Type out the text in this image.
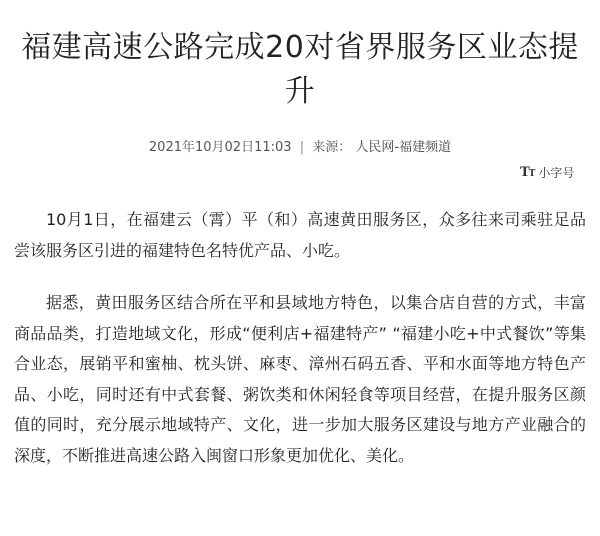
福建高速公路完成20对省界服务区业态提升
2021年10月02日11:03 | 来源： 人民网-福建频道
TT 小字号

10月1日，在福建云（霄）平（和）高速黄田服务区，众多往来司乘驻足品尝该服务区引进的福建特色名特优产品、小吃。

据悉，黄田服务区结合所在平和县域地方特色，以集合店自营的方式，丰富商品品类，打造地域文化，形成“便利店+福建特产” “福建小吃+中式餐饮”等集合业态，展销平和蜜柚、枕头饼、麻枣、漳州石码五香、平和水面等地方特色产品、小吃，同时还有中式套餐、粥饮类和休闲轻食等项目经营，在提升服务区颜值的同时，充分展示地域特产、文化，进一步加大服务区建设与地方产业融合的深度，不断推进高速公路入闽窗口形象更加优化、美化。
